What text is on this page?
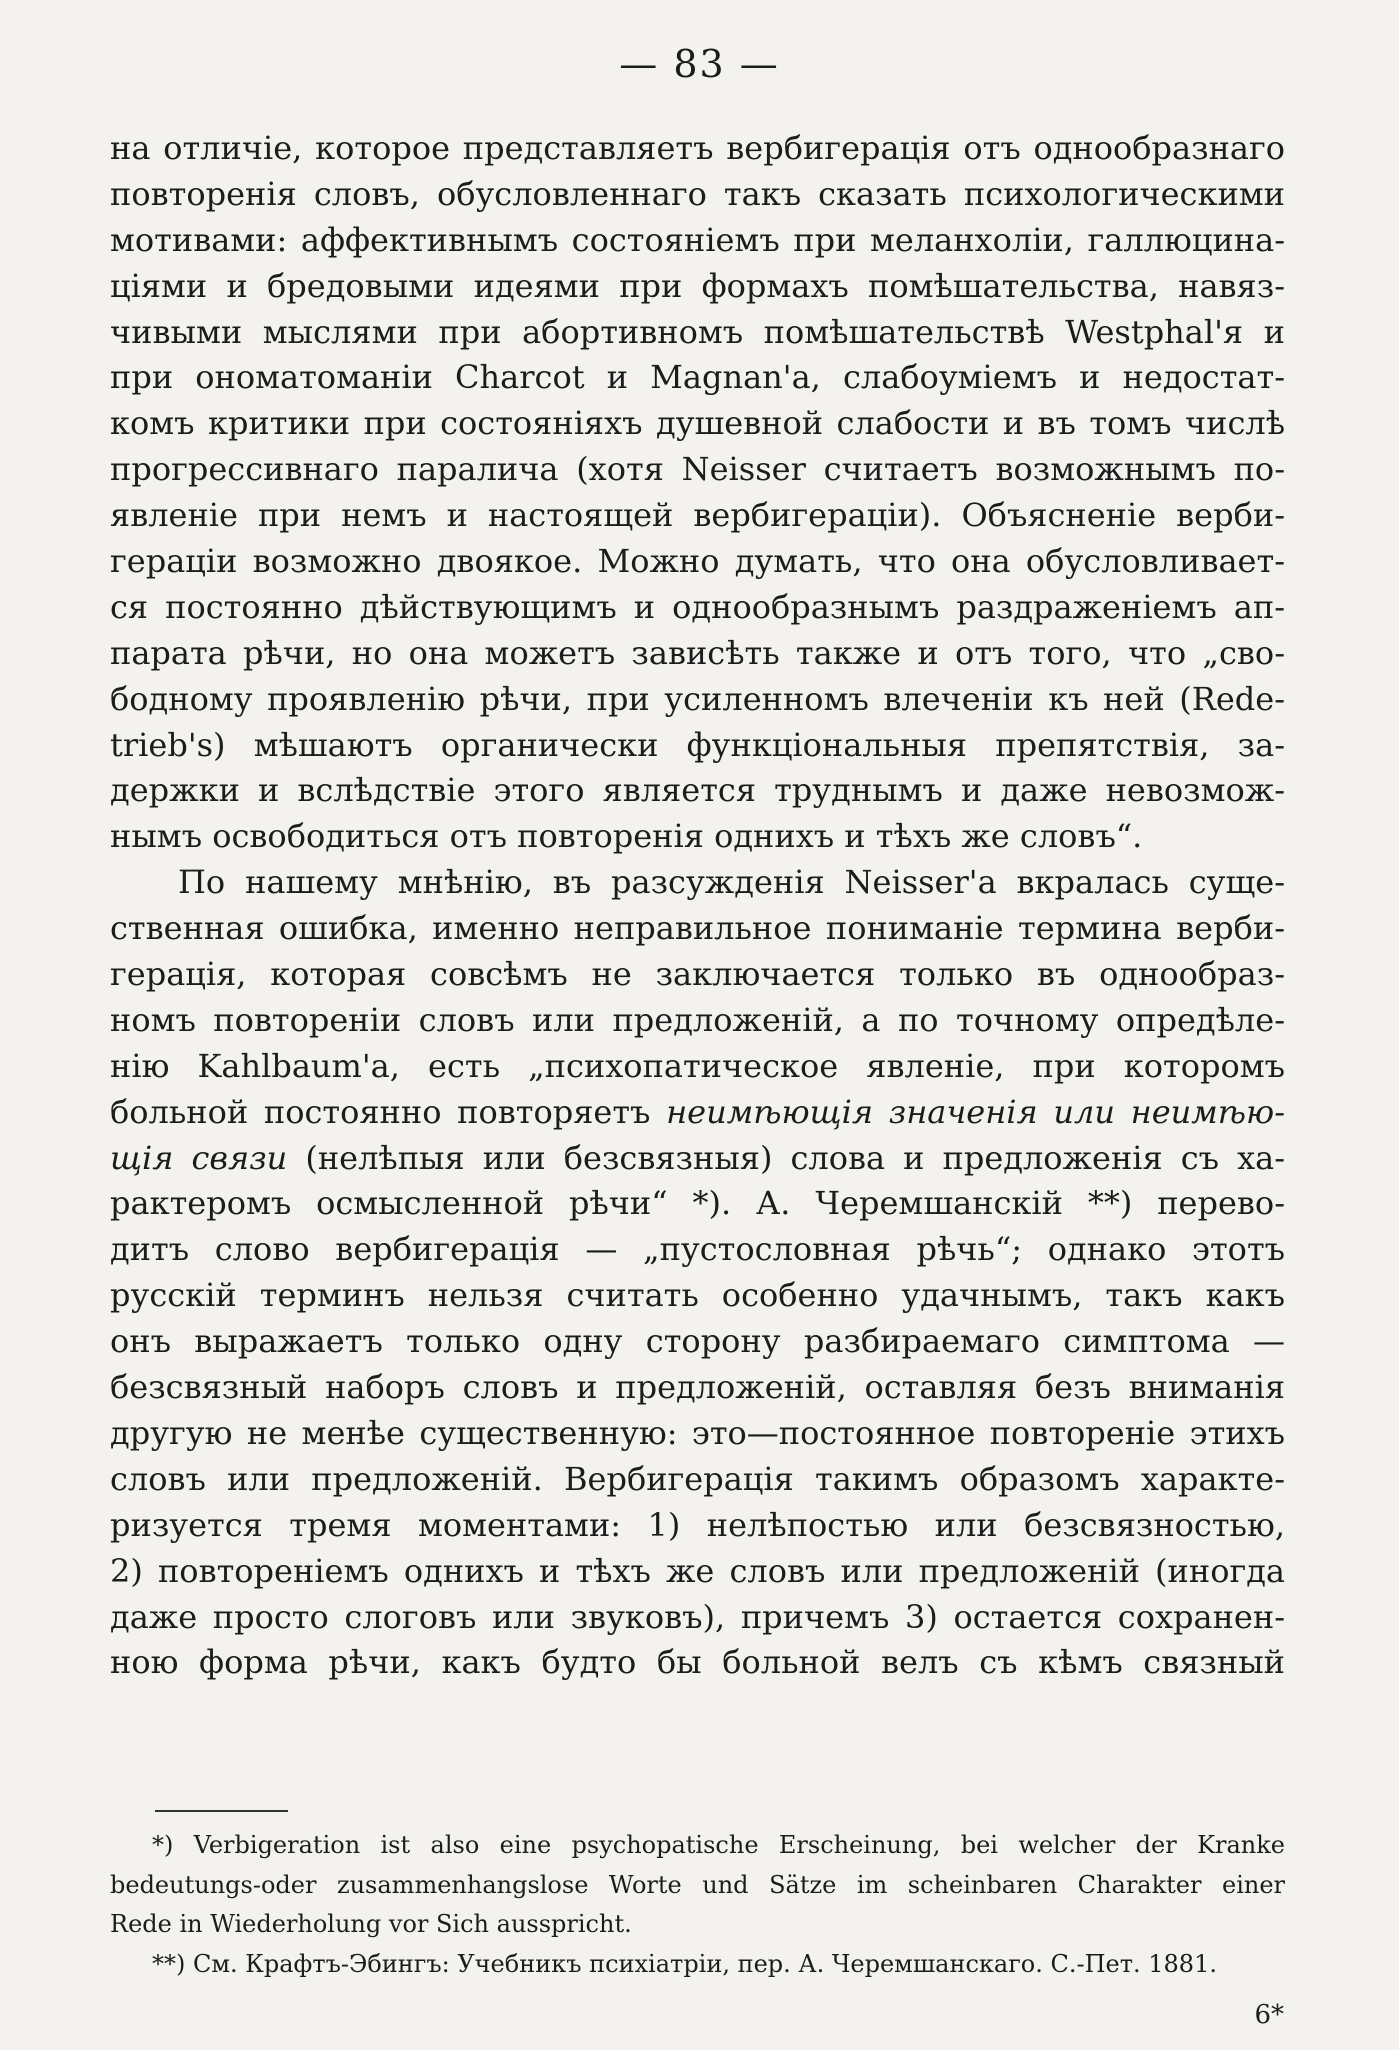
— 83 —
на отличіе, которое представляетъ вербигерація отъ однообразнаго
повторенія словъ, обусловленнаго такъ сказать психологическими
мотивами: аффективнымъ состояніемъ при меланхоліи, галлюцина-
ціями и бредовыми идеями при формахъ помѣшательства, навяз-
чивыми мыслями при абортивномъ помѣшательствѣ Westphal'я и
при ономатоманіи Charcot и Magnan'а, слабоуміемъ и недостат-
комъ критики при состояніяхъ душевной слабости и въ томъ числѣ
прогрессивнаго паралича (хотя Neisser считаетъ возможнымъ по-
явленіе при немъ и настоящей вербигераціи). Объясненіе верби-
гераціи возможно двоякое. Можно думать, что она обусловливает-
ся постоянно дѣйствующимъ и однообразнымъ раздраженіемъ ап-
парата рѣчи, но она можетъ зависѣть также и отъ того, что „сво-
бодному проявленію рѣчи, при усиленномъ влеченіи къ ней (Rede-
trieb's) мѣшаютъ органически функціональныя препятствія, за-
держки и вслѣдствіе этого является труднымъ и даже невозмож-
нымъ освободиться отъ повторенія однихъ и тѣхъ же словъ“.
По нашему мнѣнію, въ разсужденія Neisser'а вкралась суще-
ственная ошибка, именно неправильное пониманіе термина верби-
герація, которая совсѣмъ не заключается только въ однообраз-
номъ повтореніи словъ или предложеній, а по точному опредѣле-
нію Kahlbaum'а, есть „психопатическое явленіе, при которомъ
больной постоянно повторяетъ неимѣющія значенія или неимѣю-
щія связи (нелѣпыя или безсвязныя) слова и предложенія съ ха-
рактеромъ осмысленной рѣчи“ *). А. Черемшанскій **) перево-
дитъ слово вербигерація — „пустословная рѣчь“; однако этотъ
русскій терминъ нельзя считать особенно удачнымъ, такъ какъ
онъ выражаетъ только одну сторону разбираемаго симптома —
безсвязный наборъ словъ и предложеній, оставляя безъ вниманія
другую не менѣе существенную: это—постоянное повтореніе этихъ
словъ или предложеній. Вербигерація такимъ образомъ характе-
ризуется тремя моментами: 1) нелѣпостью или безсвязностью,
2) повтореніемъ однихъ и тѣхъ же словъ или предложеній (иногда
даже просто слоговъ или звуковъ), причемъ 3) остается сохранен-
ною форма рѣчи, какъ будто бы больной велъ съ кѣмъ связный
*) Verbigeration ist also eine psychopatische Erscheinung, bei welcher der Kranke
bedeutungs-oder zusammenhangslose Worte und Sätze im scheinbaren Charakter einer
Rede in Wiederholung vor Sich ausspricht.
**) См. Крафтъ-Эбингъ: Учебникъ психіатріи, пер. А. Черемшанскаго. С.-Пет. 1881.
6*
